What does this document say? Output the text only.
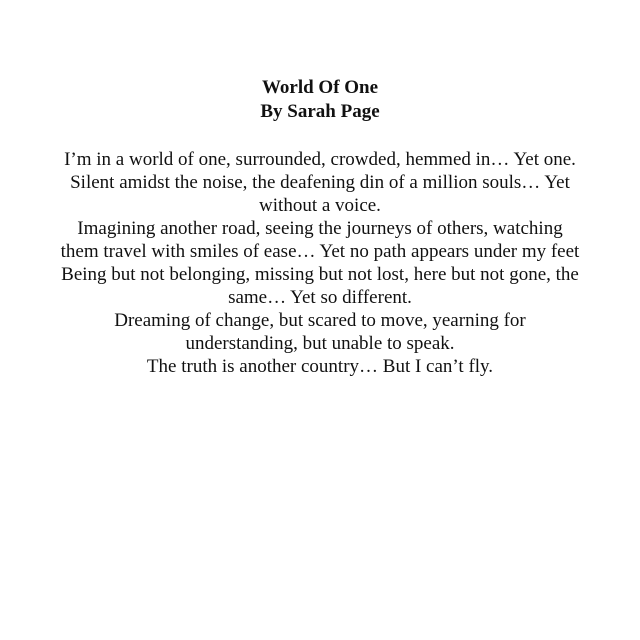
World Of One

By Sarah Page

I’m in a world of one, surrounded, crowded, hemmed in… Yet one.

Silent amidst the noise, the deafening din of a million souls… Yet without a voice.

Imagining another road, seeing the journeys of others, watching them travel with smiles of ease… Yet no path appears under my feet

Being but not belonging, missing but not lost, here but not gone, the same… Yet so different.

Dreaming of change, but scared to move, yearning for understanding, but unable to speak.

The truth is another country… But I can’t fly.
